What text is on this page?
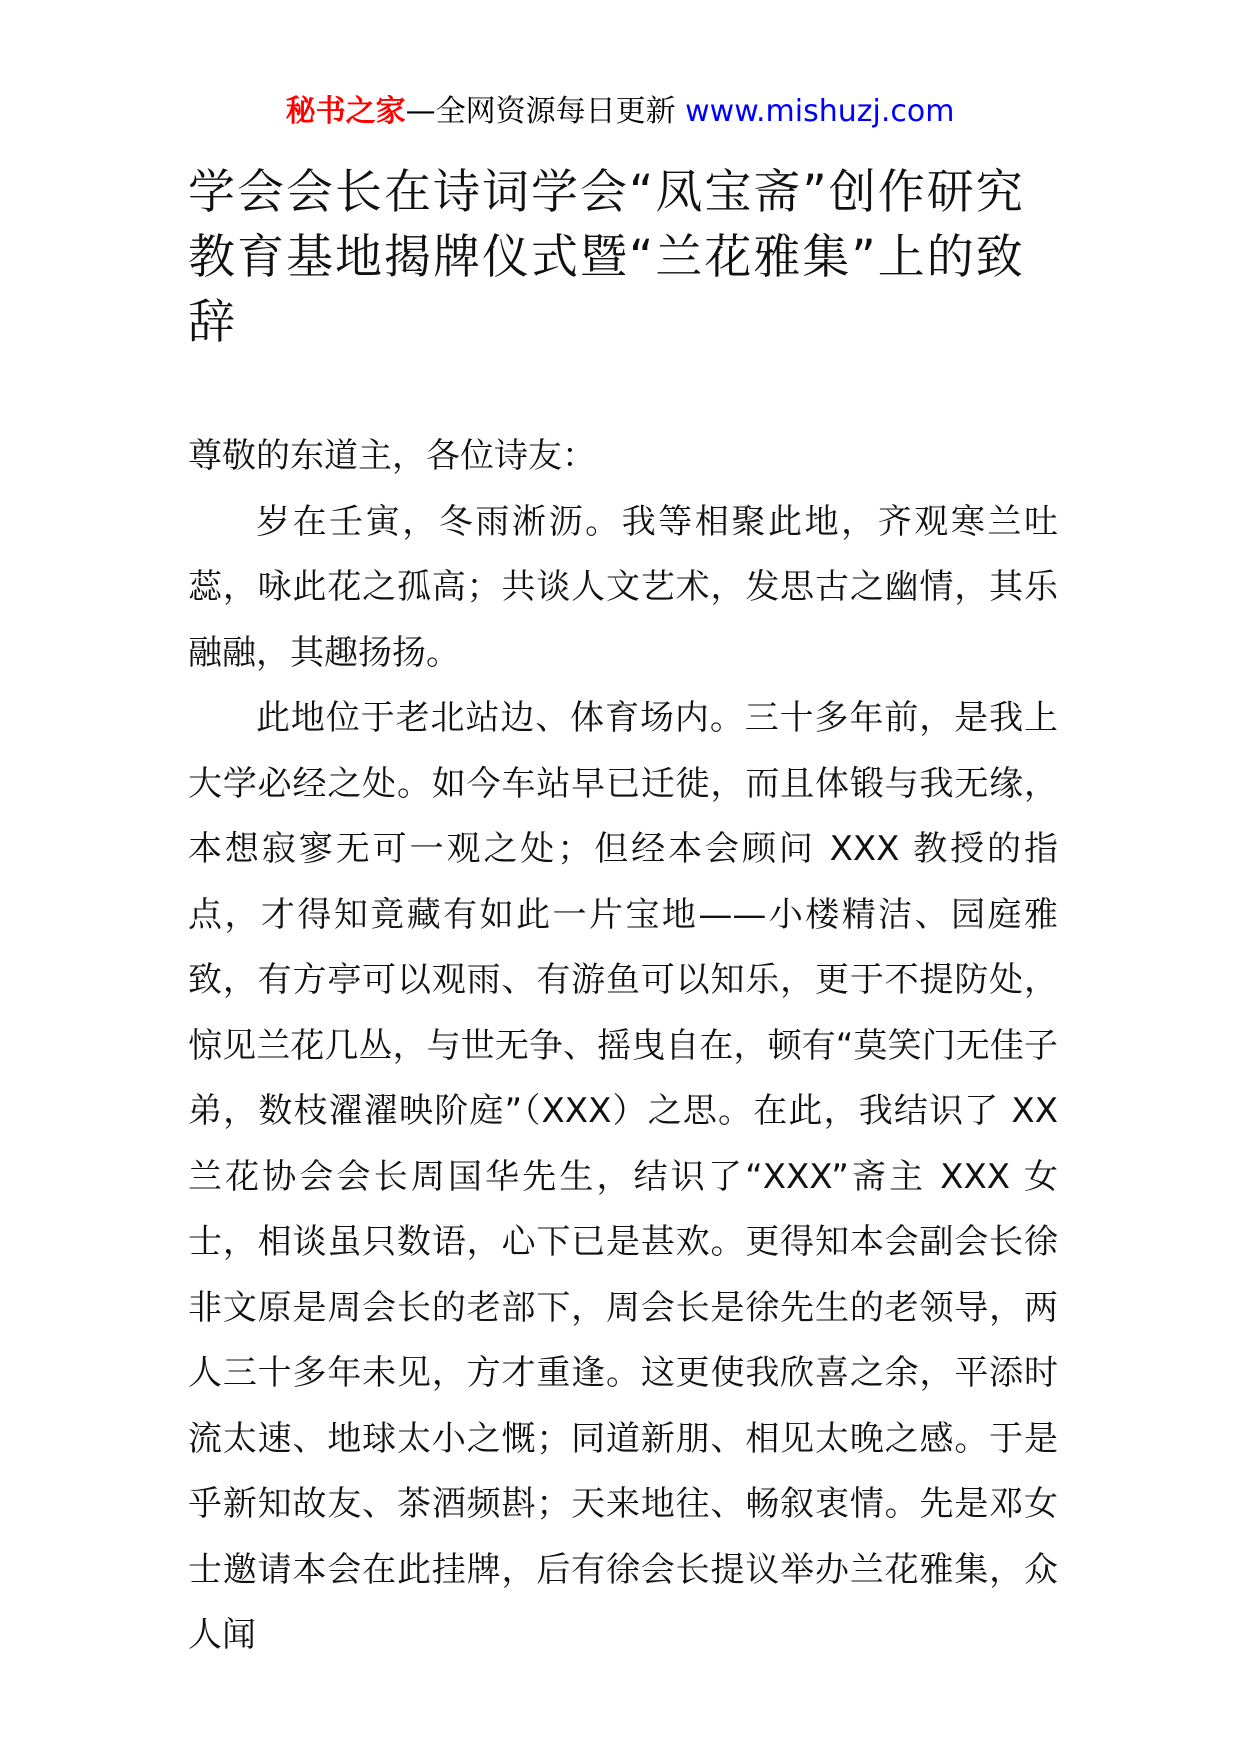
秘书之家—全网资源每日更新 www.mishuzj.com
学会会长在诗词学会“凤宝斋”创作研究教育基地揭牌仪式暨“兰花雅集”上的致辞

尊敬的东道主，各位诗友：

岁在壬寅，冬雨淅沥。我等相聚此地，齐观寒兰吐蕊，咏此花之孤高；共谈人文艺术，发思古之幽情，其乐融融，其趣扬扬。

此地位于老北站边、体育场内。三十多年前，是我上大学必经之处。如今车站早已迁徙，而且体锻与我无缘，本想寂寥无可一观之处；但经本会顾问 XXX 教授的指点，才得知竟藏有如此一片宝地——小楼精洁、园庭雅致，有方亭可以观雨、有游鱼可以知乐，更于不提防处，惊见兰花几丛，与世无争、摇曳自在，顿有“莫笑门无佳子弟，数枝濯濯映阶庭”（XXX）之思。在此，我结识了 XX 兰花协会会长周国华先生，结识了“XXX”斋主 XXX 女士，相谈虽只数语，心下已是甚欢。更得知本会副会长徐非文原是周会长的老部下，周会长是徐先生的老领导，两人三十多年未见，方才重逢。这更使我欣喜之余，平添时流太速、地球太小之慨；同道新朋、相见太晚之感。于是乎新知故友、茶酒频斟；天来地往、畅叙衷情。先是邓女士邀请本会在此挂牌，后有徐会长提议举办兰花雅集，众人闻
